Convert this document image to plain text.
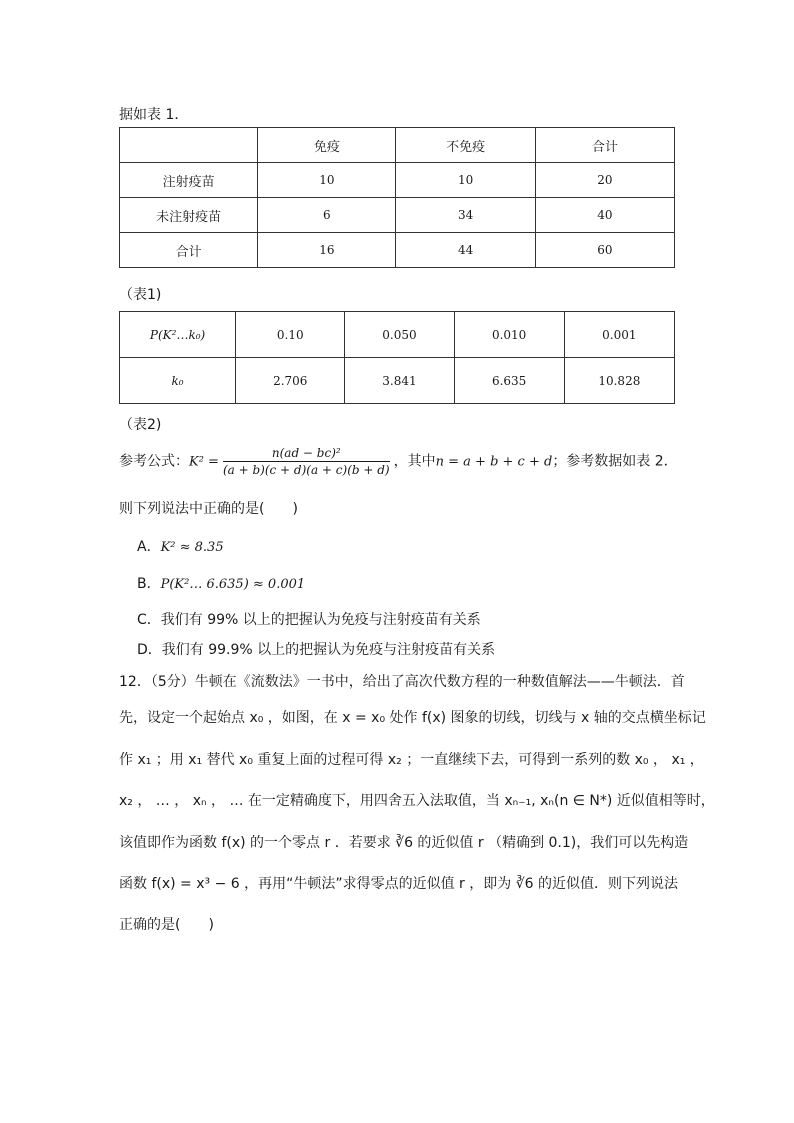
据如表 1．
	免疫	不免疫	合计
注射疫苗	10	10	20
未注射疫苗	6	34	40
合计	16	44	60
（表1)
P(K²…k₀)	0.10	0.050	0.010	0.001
k₀	2.706	3.841	6.635	10.828
（表2)
参考公式：$K^2 = \frac{\text{n(ad − bc)²}}{(a + b)(c + d)(a + c)(b + d)}$ ，其中n = a + b + c + d；参考数据如表 2．
则下列说法中正确的是(　　)
A．K² ≈ 8.35
B．P(K²… 6.635) ≈ 0.001
C．我们有 99% 以上的把握认为免疫与注射疫苗有关系
D．我们有 99.9% 以上的把握认为免疫与注射疫苗有关系
12．（5分）牛顿在《流数法》一书中，给出了高次代数方程的一种数值解法——牛顿法．首
先，设定一个起始点 x₀ ，如图，在 x = x₀ 处作 f(x) 图象的切线，切线与 x 轴的交点横坐标记
作 x₁ ；用 x₁ 替代 x₀ 重复上面的过程可得 x₂ ；一直继续下去，可得到一系列的数 x₀ ， x₁ ，
x₂ ， … ， xₙ ， … 在一定精确度下，用四舍五入法取值，当 xₙ₋₁, xₙ(n ∈ N*) 近似值相等时，
该值即作为函数 f(x) 的一个零点 r ．若要求 ∛6 的近似值 r （精确到 0.1)，我们可以先构造
函数 f(x) = x³ − 6 ，再用“牛顿法”求得零点的近似值 r ，即为 ∛6 的近似值．则下列说法
正确的是(　　)
